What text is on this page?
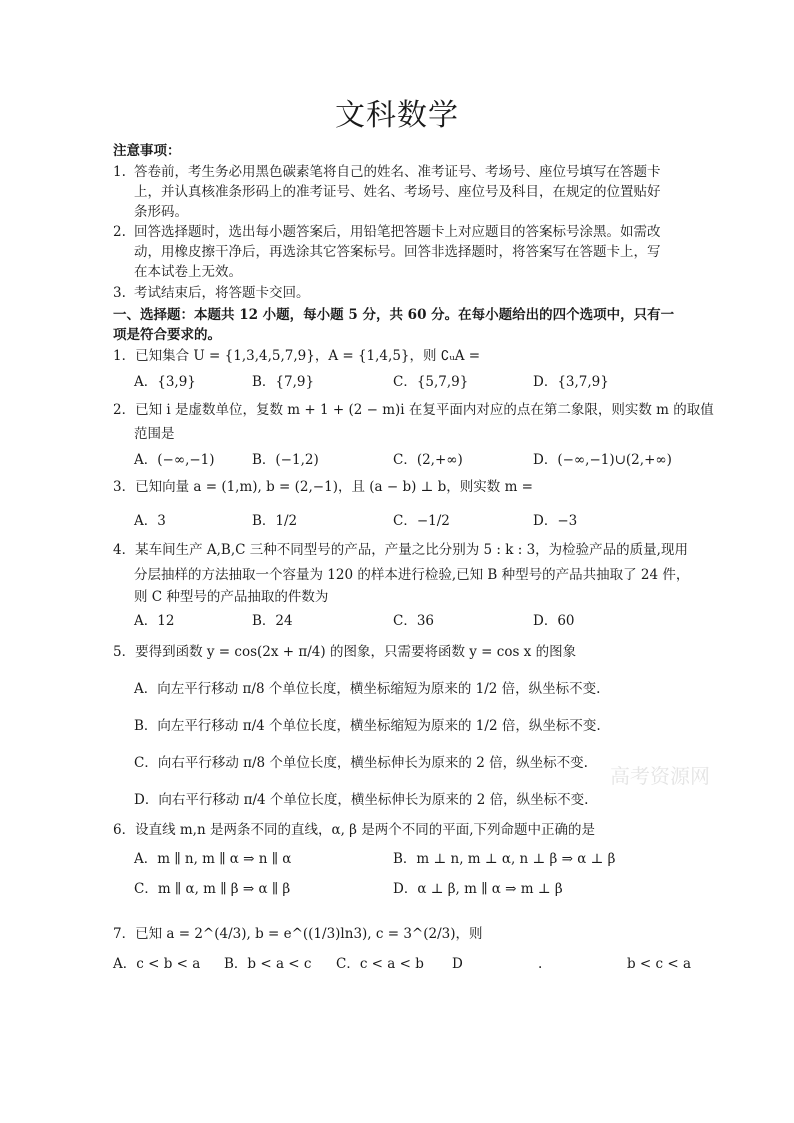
文科数学
注意事项：
1. 答卷前，考生务必用黑色碳素笔将自己的姓名、准考证号、考场号、座位号填写在答题卡
上，并认真核准条形码上的准考证号、姓名、考场号、座位号及科目，在规定的位置贴好
条形码。
2. 回答选择题时，选出每小题答案后，用铅笔把答题卡上对应题目的答案标号涂黑。如需改
动，用橡皮擦干净后，再选涂其它答案标号。回答非选择题时，将答案写在答题卡上，写
在本试卷上无效。
3. 考试结束后，将答题卡交回。
一、选择题：本题共 12 小题，每小题 5 分，共 60 分。在每小题给出的四个选项中，只有一
项是符合要求的。
1．已知集合 U = {1,3,4,5,7,9}，A = {1,4,5}，则 ∁ᵤA =
A．{3,9}	B．{7,9}	C．{5,7,9}	D．{3,7,9}
2．已知 i 是虚数单位，复数 m + 1 + (2 − m)i 在复平面内对应的点在第二象限，则实数 m 的取值
范围是
A．(−∞,−1)	B．(−1,2)	C．(2,+∞)	D．(−∞,−1)∪(2,+∞)
3．已知向量 a = (1,m), b = (2,−1)，且 (a − b) ⊥ b，则实数 m =
A．3	B．1/2	C．−1/2	D．−3
4．某车间生产 A,B,C 三种不同型号的产品，产量之比分别为 5 : k : 3，为检验产品的质量,现用
分层抽样的方法抽取一个容量为 120 的样本进行检验,已知 B 种型号的产品共抽取了 24 件，
则 C 种型号的产品抽取的件数为
A．12	B．24	C．36	D．60
5．要得到函数 y = cos(2x + π/4) 的图象，只需要将函数 y = cos x 的图象
A．向左平行移动 π/8 个单位长度，横坐标缩短为原来的 1/2 倍，纵坐标不变.
B．向左平行移动 π/4 个单位长度，横坐标缩短为原来的 1/2 倍，纵坐标不变.
C．向右平行移动 π/8 个单位长度，横坐标伸长为原来的 2 倍，纵坐标不变.
D．向右平行移动 π/4 个单位长度，横坐标伸长为原来的 2 倍，纵坐标不变.
高考资源网
6．设直线 m,n 是两条不同的直线，α, β 是两个不同的平面,下列命题中正确的是
A．m ∥ n, m ∥ α ⇒ n ∥ α	B．m ⊥ n, m ⊥ α, n ⊥ β ⇒ α ⊥ β
C．m ∥ α, m ∥ β ⇒ α ∥ β	D．α ⊥ β, m ∥ α ⇒ m ⊥ β
7．已知 a = 2^(4/3), b = e^((1/3)ln3), c = 3^(2/3)，则
A．c < b < a B．b < a < c C．c < a < b D	.	b < c < a
